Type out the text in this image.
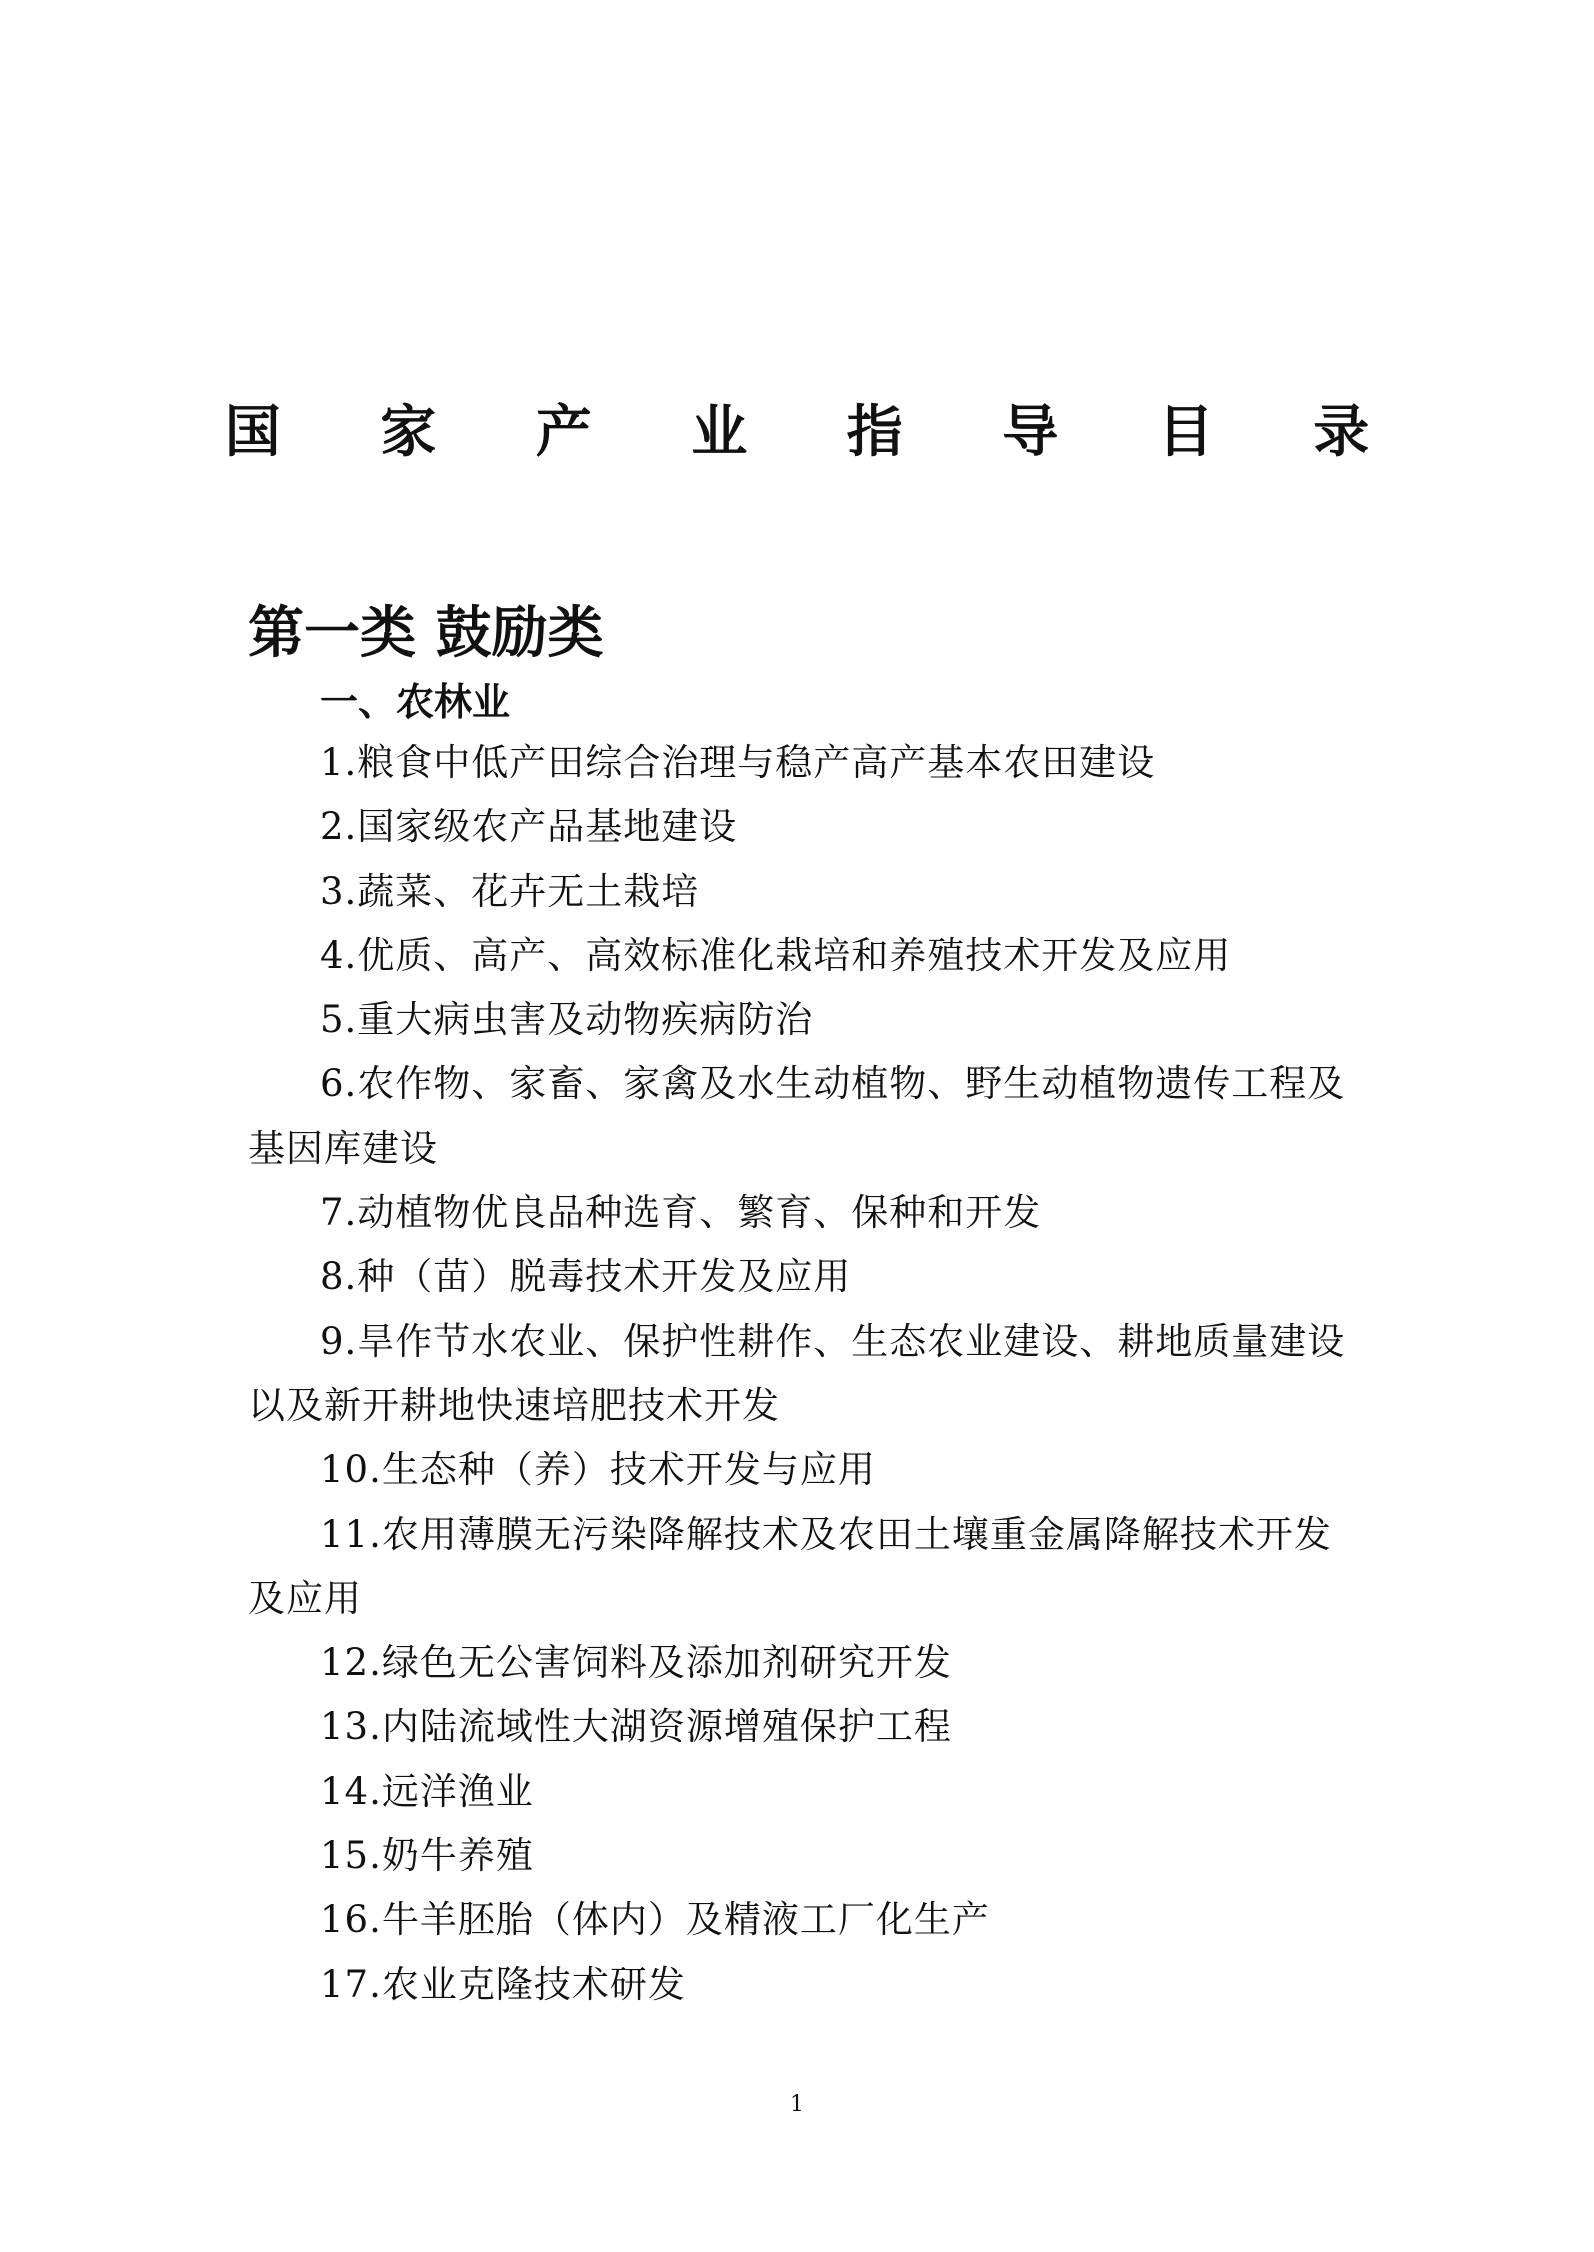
国 家 产 业 指 导 目 录
第一类 鼓励类
一、农林业
1.粮食中低产田综合治理与稳产高产基本农田建设
2.国家级农产品基地建设
3.蔬菜、花卉无土栽培
4.优质、高产、高效标准化栽培和养殖技术开发及应用
5.重大病虫害及动物疾病防治
6.农作物、家畜、家禽及水生动植物、野生动植物遗传工程及基因库建设
7.动植物优良品种选育、繁育、保种和开发
8.种（苗）脱毒技术开发及应用
9.旱作节水农业、保护性耕作、生态农业建设、耕地质量建设以及新开耕地快速培肥技术开发
10.生态种（养）技术开发与应用
11.农用薄膜无污染降解技术及农田土壤重金属降解技术开发及应用
12.绿色无公害饲料及添加剂研究开发
13.内陆流域性大湖资源增殖保护工程
14.远洋渔业
15.奶牛养殖
16.牛羊胚胎（体内）及精液工厂化生产
17.农业克隆技术研发
1
